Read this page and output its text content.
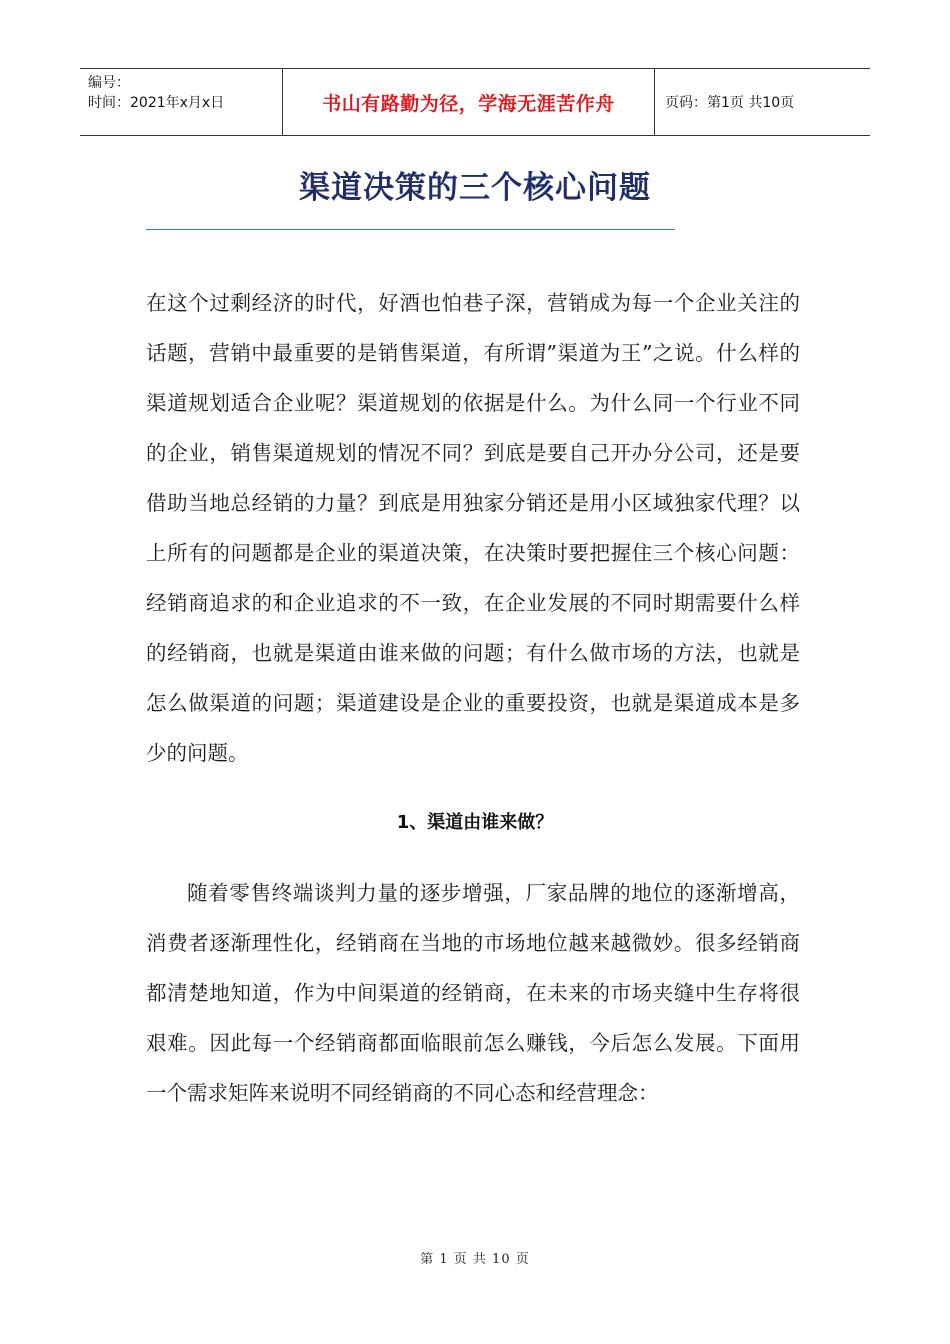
编号：
时间：2021年x月x日	书山有路勤为径，学海无涯苦作舟	页码：第1页 共10页
渠道决策的三个核心问题
在这个过剩经济的时代，好酒也怕巷子深，营销成为每一个企业关注的话题，营销中最重要的是销售渠道，有所谓”渠道为王”之说。什么样的渠道规划适合企业呢？渠道规划的依据是什么。为什么同一个行业不同的企业，销售渠道规划的情况不同？到底是要自己开办分公司，还是要借助当地总经销的力量？到底是用独家分销还是用小区域独家代理？以上所有的问题都是企业的渠道决策，在决策时要把握住三个核心问题：经销商追求的和企业追求的不一致，在企业发展的不同时期需要什么样的经销商，也就是渠道由谁来做的问题；有什么做市场的方法，也就是怎么做渠道的问题；渠道建设是企业的重要投资，也就是渠道成本是多少的问题。
1、渠道由谁来做？
随着零售终端谈判力量的逐步增强，厂家品牌的地位的逐渐增高，消费者逐渐理性化，经销商在当地的市场地位越来越微妙。很多经销商都清楚地知道，作为中间渠道的经销商，在未来的市场夹缝中生存将很艰难。因此每一个经销商都面临眼前怎么赚钱，今后怎么发展。下面用一个需求矩阵来说明不同经销商的不同心态和经营理念：
第 1 页 共 10 页
